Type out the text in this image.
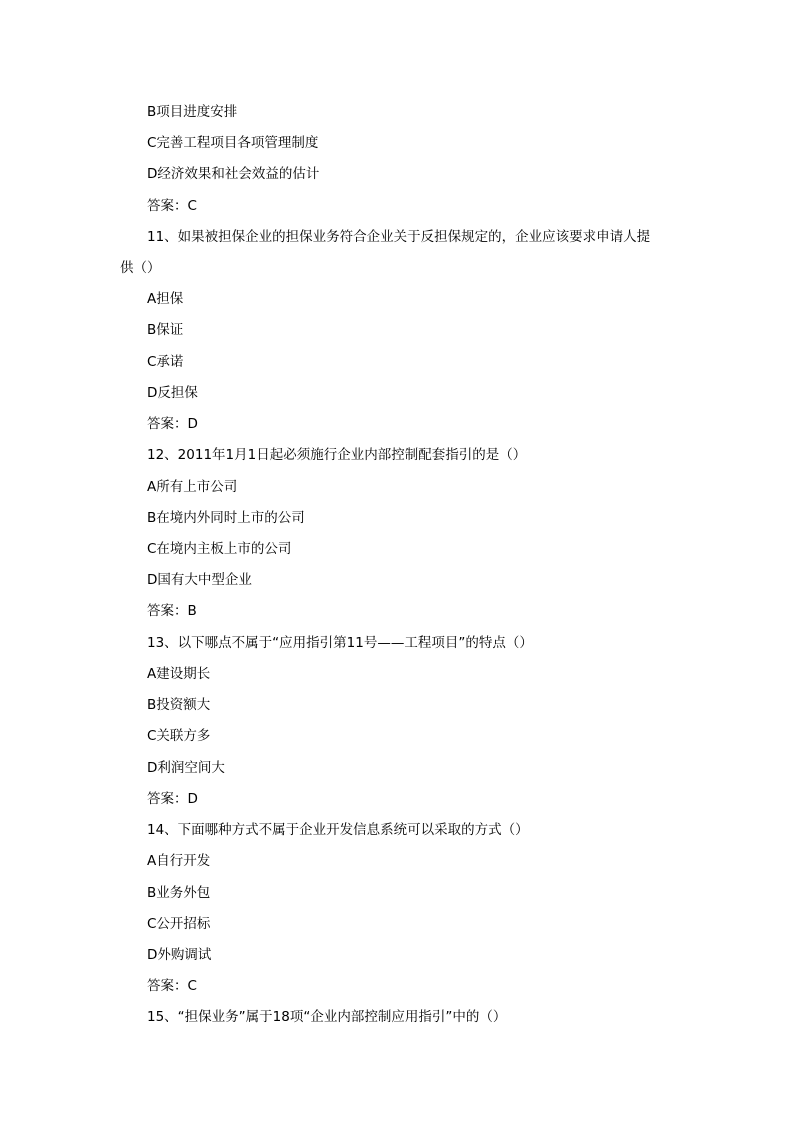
B项目进度安排
C完善工程项目各项管理制度
D经济效果和社会效益的估计
答案：C
11、如果被担保企业的担保业务符合企业关于反担保规定的，企业应该要求申请人提
供（）
A担保
B保证
C承诺
D反担保
答案：D
12、2011年1月1日起必须施行企业内部控制配套指引的是（）
A所有上市公司
B在境内外同时上市的公司
C在境内主板上市的公司
D国有大中型企业
答案：B
13、以下哪点不属于“应用指引第11号——工程项目”的特点（）
A建设期长
B投资额大
C关联方多
D利润空间大
答案：D
14、下面哪种方式不属于企业开发信息系统可以采取的方式（）
A自行开发
B业务外包
C公开招标
D外购调试
答案：C
15、“担保业务”属于18项“企业内部控制应用指引”中的（）
